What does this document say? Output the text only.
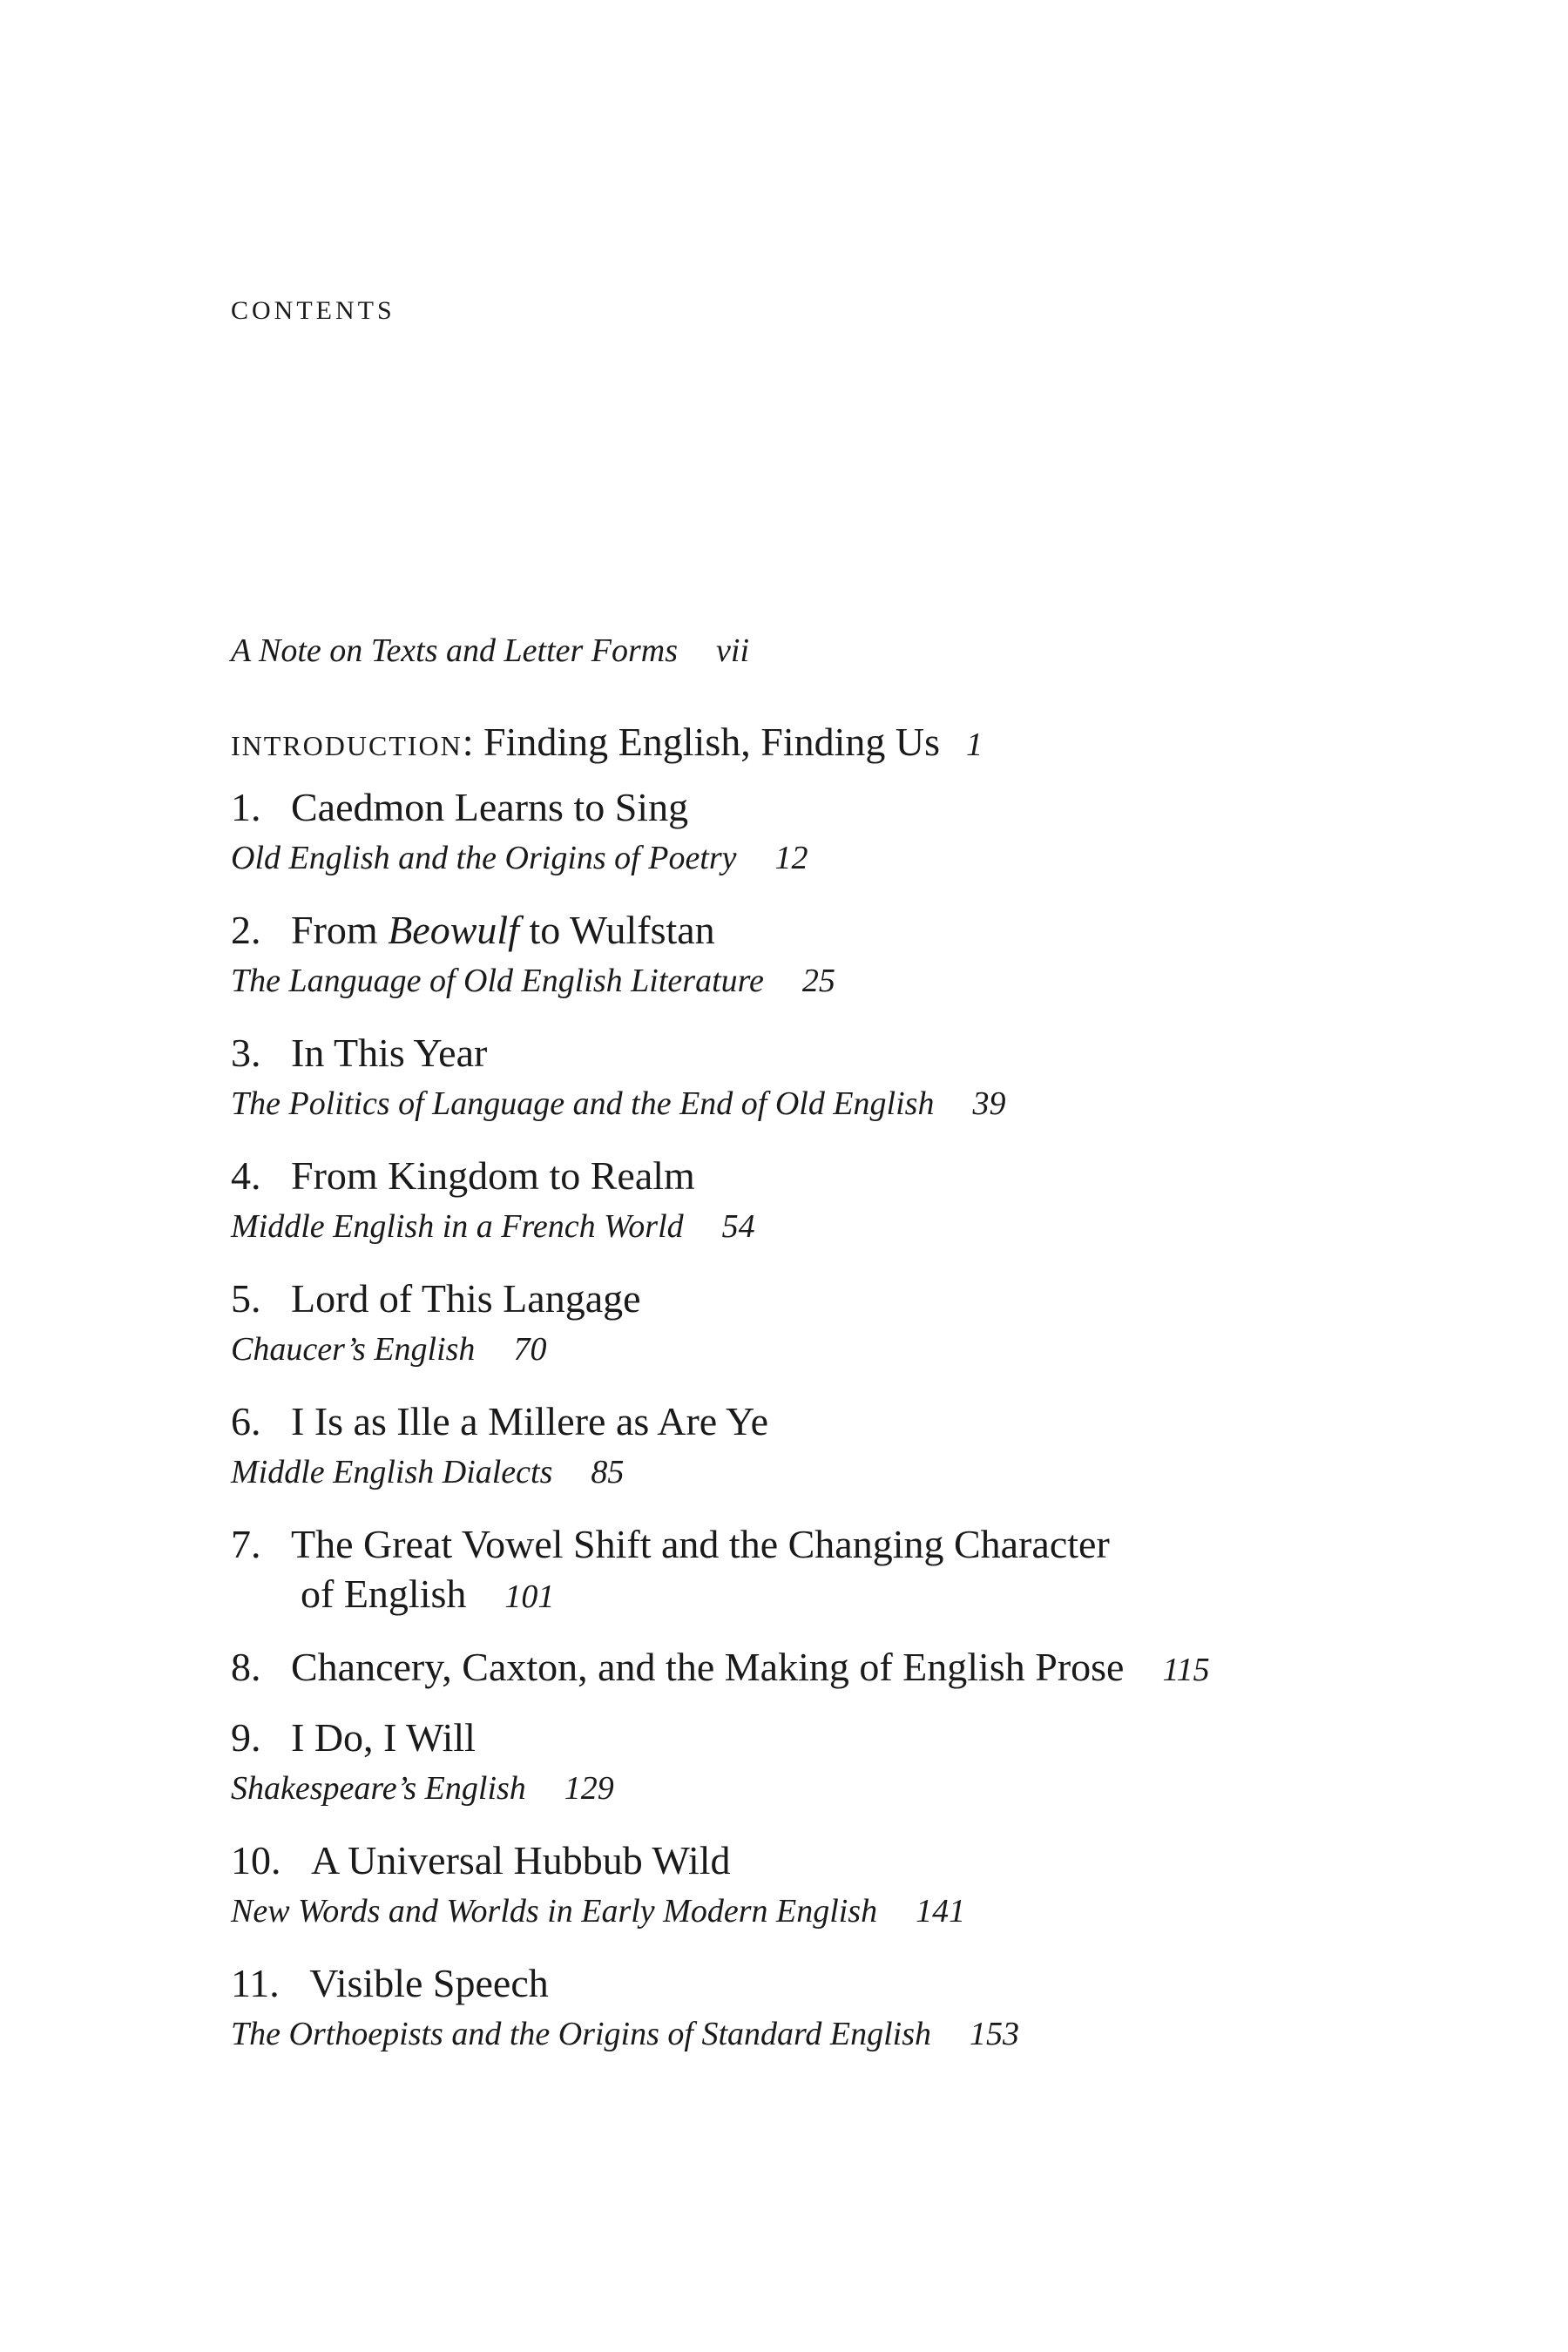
CONTENTS
A Note on Texts and Letter Forms vii
INTRODUCTION: Finding English, Finding Us 1
1. Caedmon Learns to Sing
Old English and the Origins of Poetry 12
2. From Beowulf to Wulfstan
The Language of Old English Literature 25
3. In This Year
The Politics of Language and the End of Old English 39
4. From Kingdom to Realm
Middle English in a French World 54
5. Lord of This Langage
Chaucer’s English 70
6. I Is as Ille a Millere as Are Ye
Middle English Dialects 85
7. The Great Vowel Shift and the Changing Character
of English 101
8. Chancery, Caxton, and the Making of English Prose 115
9. I Do, I Will
Shakespeare’s English 129
10. A Universal Hubbub Wild
New Words and Worlds in Early Modern English 141
11. Visible Speech
The Orthoepists and the Origins of Standard English 153
